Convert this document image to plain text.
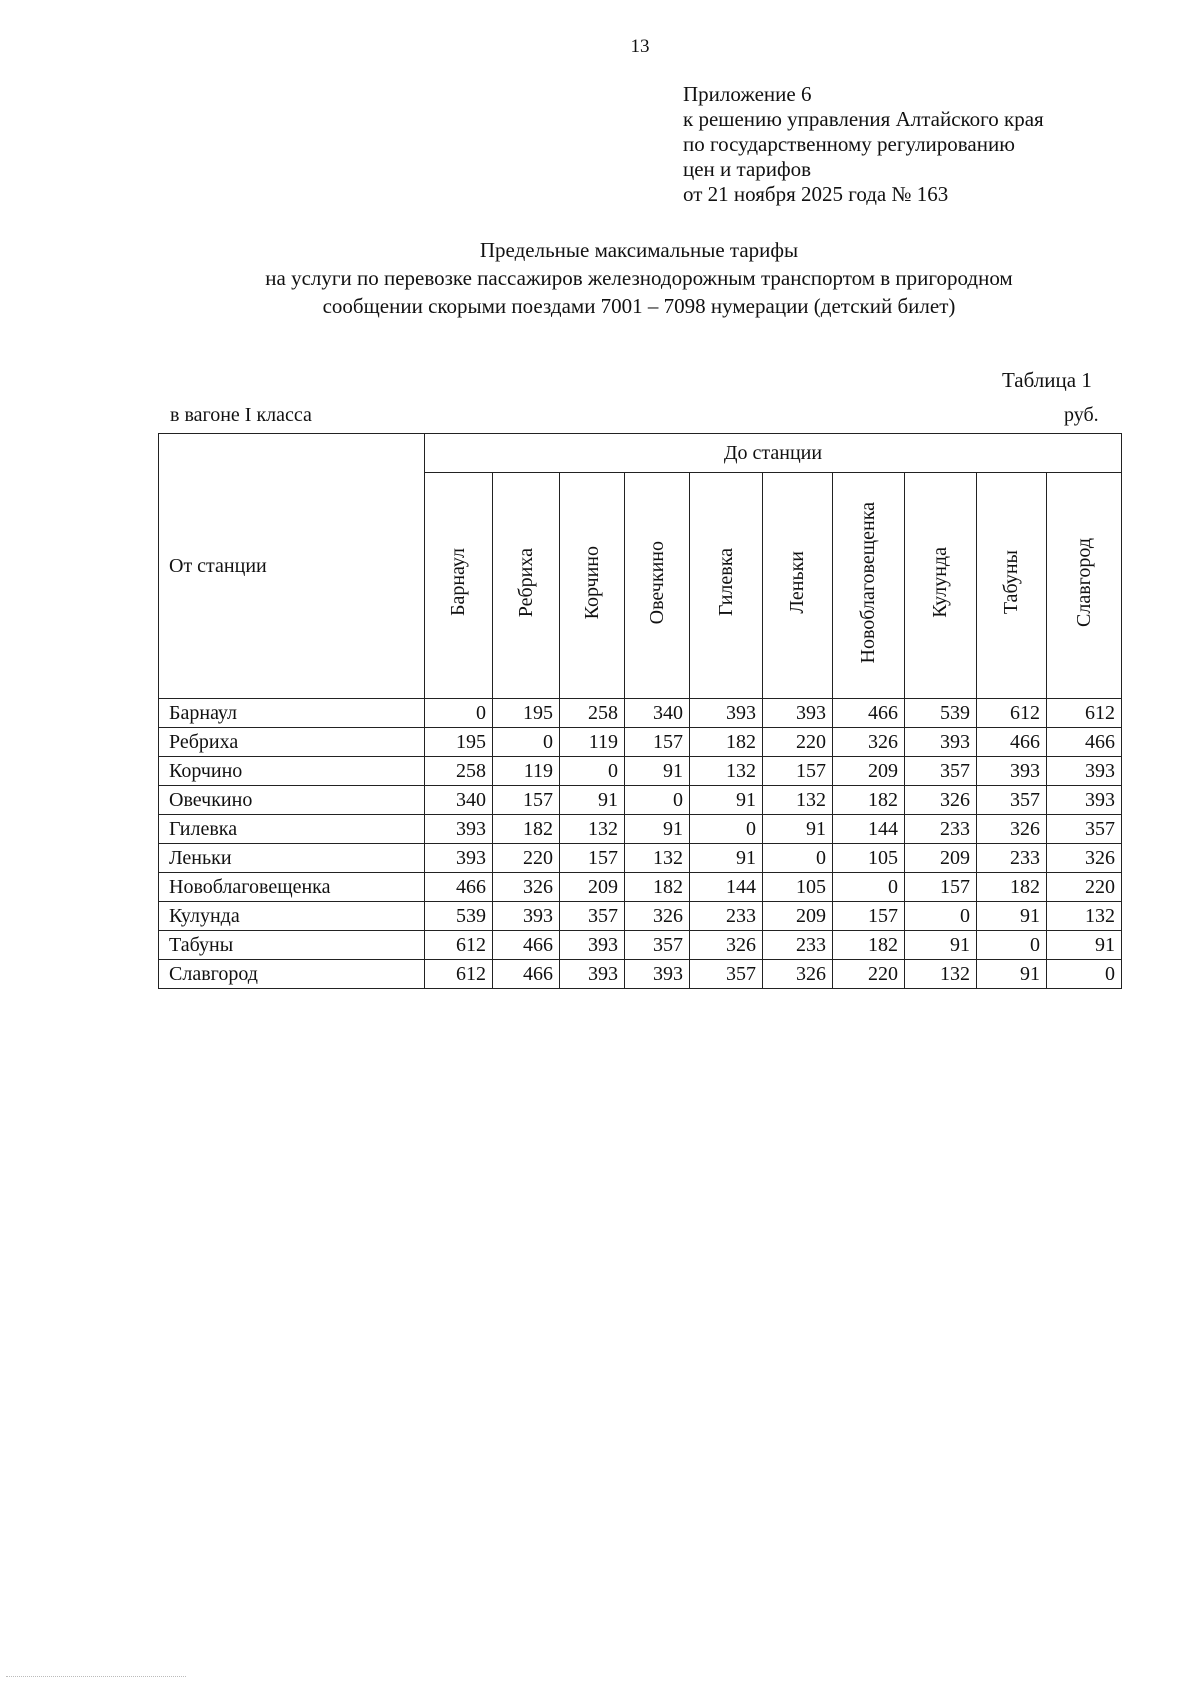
13
Приложение 6
к решению управления Алтайского края
по государственному регулированию
цен и тарифов
от 21 ноября 2025 года № 163
Предельные максимальные тарифы
на услуги по перевозке пассажиров железнодорожным транспортом в пригородном
сообщении скорыми поездами 7001 – 7098 нумерации (детский билет)
Таблица 1
в вагоне I класса	руб.
От станции	До станции									
	Барнаул	Ребриха	Корчино	Овечкино	Гилевка	Леньки	Новоблаговещенка	Кулунда	Табуны	Славгород
Барнаул	0	195	258	340	393	393	466	539	612	612
Ребриха	195	0	119	157	182	220	326	393	466	466
Корчино	258	119	0	91	132	157	209	357	393	393
Овечкино	340	157	91	0	91	132	182	326	357	393
Гилевка	393	182	132	91	0	91	144	233	326	357
Леньки	393	220	157	132	91	0	105	209	233	326
Новоблаговещенка	466	326	209	182	144	105	0	157	182	220
Кулунда	539	393	357	326	233	209	157	0	91	132
Табуны	612	466	393	357	326	233	182	91	0	91
Славгород	612	466	393	393	357	326	220	132	91	0
